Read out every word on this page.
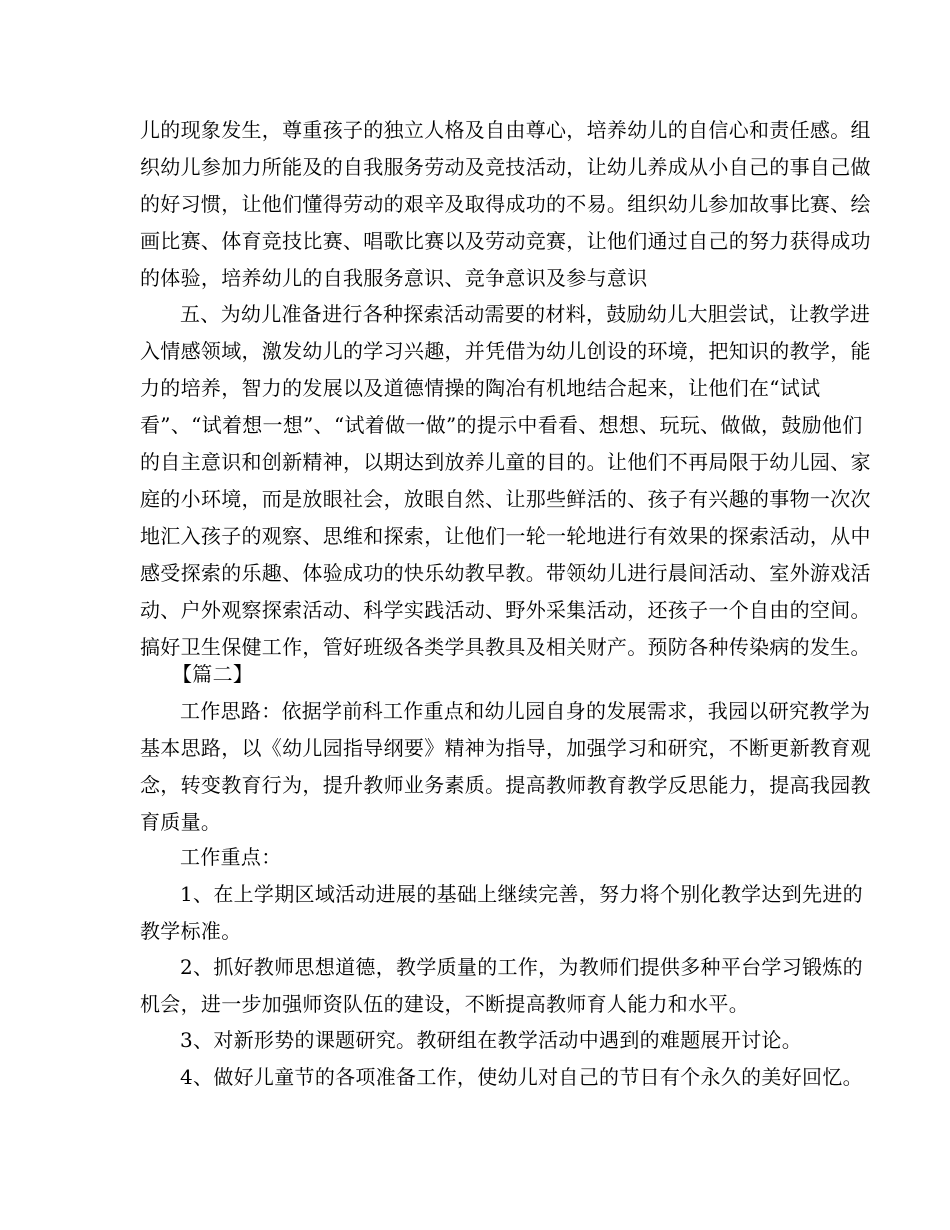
儿的现象发生，尊重孩子的独立人格及自由尊心，培养幼儿的自信心和责任感。组
织幼儿参加力所能及的自我服务劳动及竞技活动，让幼儿养成从小自己的事自己做
的好习惯，让他们懂得劳动的艰辛及取得成功的不易。组织幼儿参加故事比赛、绘
画比赛、体育竞技比赛、唱歌比赛以及劳动竞赛，让他们通过自己的努力获得成功
的体验，培养幼儿的自我服务意识、竞争意识及参与意识
五、为幼儿准备进行各种探索活动需要的材料，鼓励幼儿大胆尝试，让教学进
入情感领域，激发幼儿的学习兴趣，并凭借为幼儿创设的环境，把知识的教学，能
力的培养，智力的发展以及道德情操的陶冶有机地结合起来，让他们在“试试
看”、“试着想一想”、“试着做一做”的提示中看看、想想、玩玩、做做，鼓励他们
的自主意识和创新精神，以期达到放养儿童的目的。让他们不再局限于幼儿园、家
庭的小环境，而是放眼社会，放眼自然、让那些鲜活的、孩子有兴趣的事物一次次
地汇入孩子的观察、思维和探索，让他们一轮一轮地进行有效果的探索活动，从中
感受探索的乐趣、体验成功的快乐幼教早教。带领幼儿进行晨间活动、室外游戏活
动、户外观察探索活动、科学实践活动、野外采集活动，还孩子一个自由的空间。
搞好卫生保健工作，管好班级各类学具教具及相关财产。预防各种传染病的发生。
【篇二】
工作思路：依据学前科工作重点和幼儿园自身的发展需求，我园以研究教学为
基本思路，以《幼儿园指导纲要》精神为指导，加强学习和研究，不断更新教育观
念，转变教育行为，提升教师业务素质。提高教师教育教学反思能力，提高我园教
育质量。
工作重点：
1、在上学期区域活动进展的基础上继续完善，努力将个别化教学达到先进的
教学标准。
2、抓好教师思想道德，教学质量的工作，为教师们提供多种平台学习锻炼的
机会，进一步加强师资队伍的建设，不断提高教师育人能力和水平。
3、对新形势的课题研究。教研组在教学活动中遇到的难题展开讨论。
4、做好儿童节的各项准备工作，使幼儿对自己的节日有个永久的美好回忆。
